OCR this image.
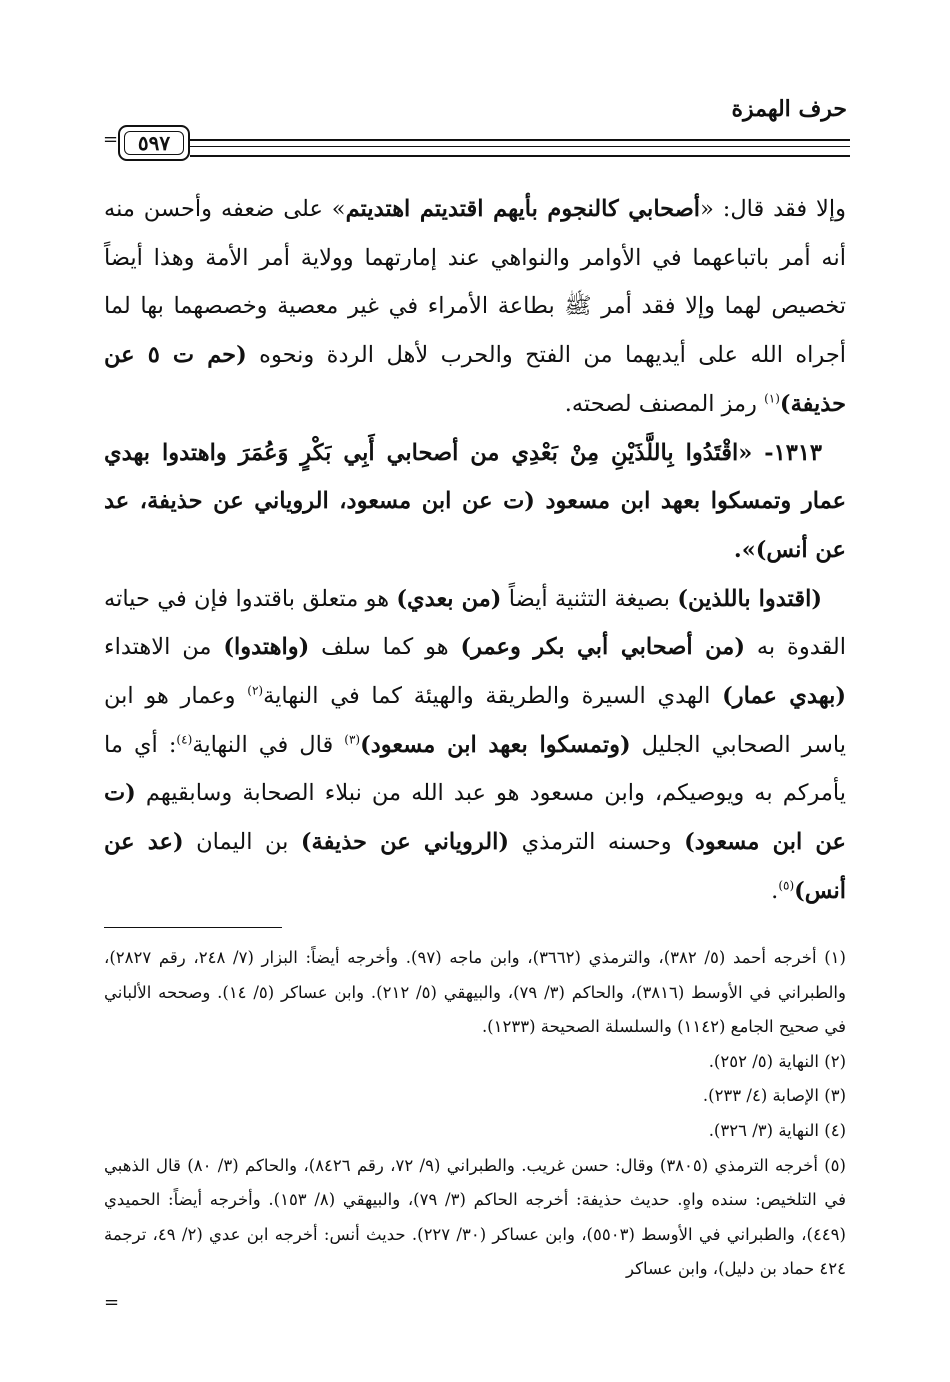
حرف الهمزة
= ٥٩٧

وإلا فقد قال: «أصحابي كالنجوم بأيهم اقتديتم اهتديتم» على ضعفه وأحسن منه أنه أمر باتباعهما في الأوامر والنواهي عند إمارتهما وولاية أمر الأمة وهذا أيضاً تخصيص لهما وإلا فقد أمر ﷺ بطاعة الأمراء في غير معصية وخصصهما بها لما أجراه الله على أيديهما من الفتح والحرب لأهل الردة ونحوه (حم ت ٥ عن حذيفة)$^{(١)}$ رمز المصنف لصحته.

١٣١٣- «اقْتَدُوا بِاللَّذَيْنِ مِنْ بَعْدِي من أصحابي أَبِي بَكْرٍ وَعُمَرَ واهتدوا بهدي عمار وتمسكوا بعهد ابن مسعود (ت عن ابن مسعود، الروياني عن حذيفة، عد عن أنس)».

(اقتدوا باللذين) بصيغة التثنية أيضاً (من بعدي) هو متعلق باقتدوا فإن في حياته القدوة به (من أصحابي أبي بكر وعمر) هو كما سلف (واهتدوا) من الاهتداء (بهدي عمار) الهدي السيرة والطريقة والهيئة كما في النهاية$^{(٢)}$ وعمار هو ابن ياسر الصحابي الجليل (وتمسكوا بعهد ابن مسعود)$^{(٣)}$ قال في النهاية$^{(٤)}$: أي ما يأمركم به ويوصيكم، وابن مسعود هو عبد الله من نبلاء الصحابة وسابقيهم (ت عن ابن مسعود) وحسنه الترمذي (الروياني عن حذيفة) بن اليمان (عد عن أنس)$^{(٥)}$.

(١) أخرجه أحمد (٥/ ٣٨٢)، والترمذي (٣٦٦٢)، وابن ماجه (٩٧). وأخرجه أيضاً: البزار (٧/ ٢٤٨، رقم ٢٨٢٧)، والطبراني في الأوسط (٣٨١٦)، والحاكم (٣/ ٧٩)، والبيهقي (٥/ ٢١٢). وابن عساكر (٥/ ١٤). وصححه الألباني في صحيح الجامع (١١٤٢) والسلسلة الصحيحة (١٢٣٣).

(٢) النهاية (٥/ ٢٥٢).

(٣) الإصابة (٤/ ٢٣٣).

(٤) النهاية (٣/ ٣٢٦).

(٥) أخرجه الترمذي (٣٨٠٥) وقال: حسن غريب. والطبراني (٩/ ٧٢، رقم ٨٤٢٦)، والحاكم (٣/ ٨٠) قال الذهبي في التلخيص: سنده واهٍ. حديث حذيفة: أخرجه الحاكم (٣/ ٧٩)، والبيهقي (٨/ ١٥٣). وأخرجه أيضاً: الحميدي (٤٤٩)، والطبراني في الأوسط (٥٥٠٣)، وابن عساكر (٣٠/ ٢٢٧). حديث أنس: أخرجه ابن عدي (٢/ ٤٩، ترجمة ٤٢٤ حماد بن دليل)، وابن عساكر

=
